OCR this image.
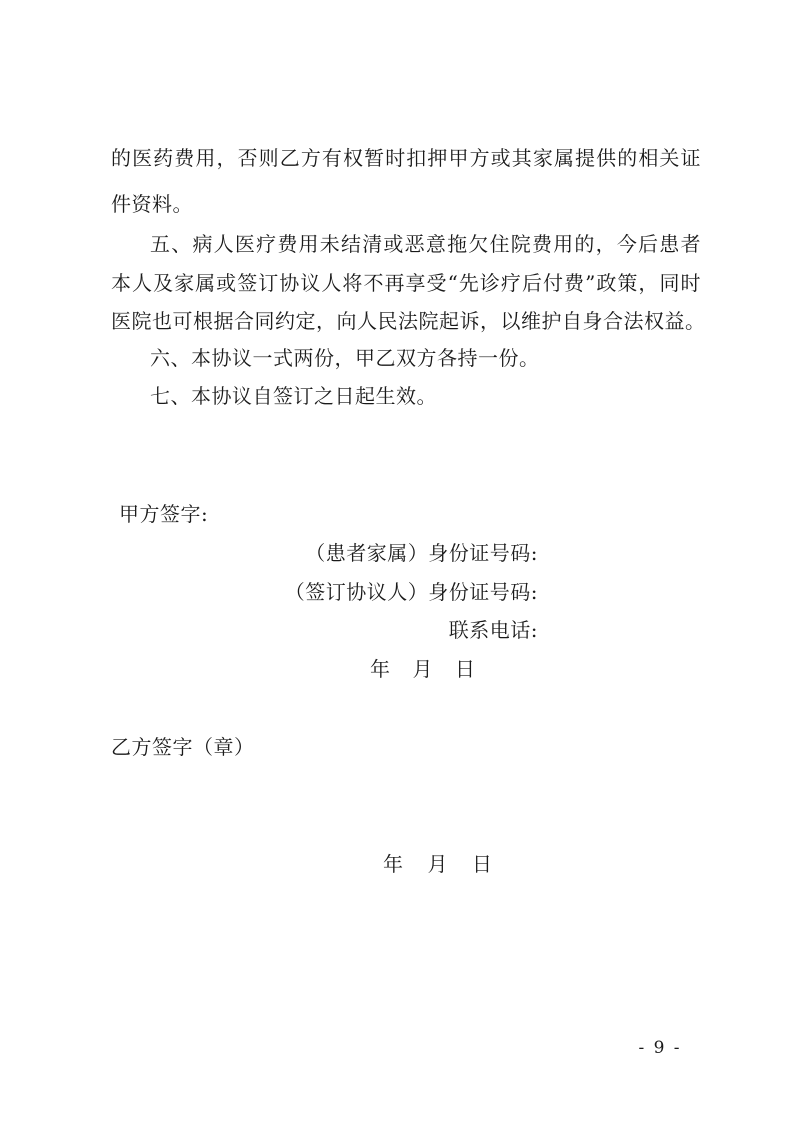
的医药费用，否则乙方有权暂时扣押甲方或其家属提供的相关证
件资料。
五、病人医疗费用未结清或恶意拖欠住院费用的，今后患者
本人及家属或签订协议人将不再享受“先诊疗后付费”政策，同时
医院也可根据合同约定，向人民法院起诉，以维护自身合法权益。
六、本协议一式两份，甲乙双方各持一份。
七、本协议自签订之日起生效。
甲方签字:
（患者家属）身份证号码:
（签订协议人）身份证号码:
联系电话:
年 月 日
乙方签字（章）
年 月 日
- 9 -
